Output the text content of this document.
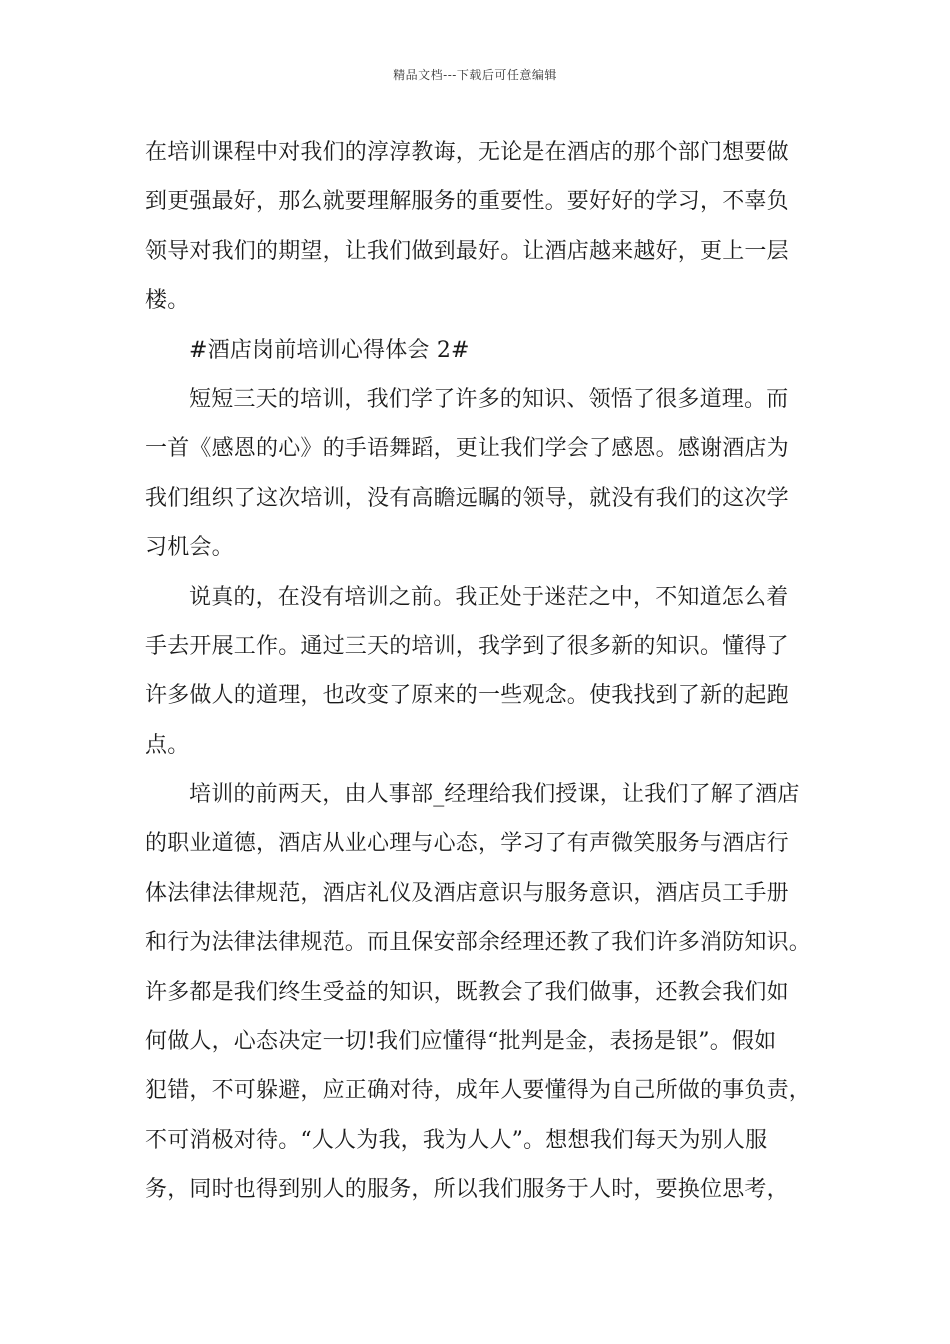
精品文档---下载后可任意编辑
在培训课程中对我们的淳淳教诲，无论是在酒店的那个部门想要做
到更强最好，那么就要理解服务的重要性。要好好的学习，不辜负
领导对我们的期望，让我们做到最好。让酒店越来越好，更上一层
楼。
#酒店岗前培训心得体会 2#
短短三天的培训，我们学了许多的知识、领悟了很多道理。而
一首《感恩的心》的手语舞蹈，更让我们学会了感恩。感谢酒店为
我们组织了这次培训，没有高瞻远瞩的领导，就没有我们的这次学
习机会。
说真的，在没有培训之前。我正处于迷茫之中，不知道怎么着
手去开展工作。通过三天的培训，我学到了很多新的知识。懂得了
许多做人的道理，也改变了原来的一些观念。使我找到了新的起跑
点。
培训的前两天，由人事部_经理给我们授课，让我们了解了酒店
的职业道德，酒店从业心理与心态，学习了有声微笑服务与酒店行
体法律法律规范，酒店礼仪及酒店意识与服务意识，酒店员工手册
和行为法律法律规范。而且保安部余经理还教了我们许多消防知识。
许多都是我们终生受益的知识，既教会了我们做事，还教会我们如
何做人，心态决定一切!我们应懂得“批判是金，表扬是银”。假如
犯错，不可躲避，应正确对待，成年人要懂得为自己所做的事负责，
不可消极对待。“人人为我，我为人人”。想想我们每天为别人服
务，同时也得到别人的服务，所以我们服务于人时，要换位思考，
